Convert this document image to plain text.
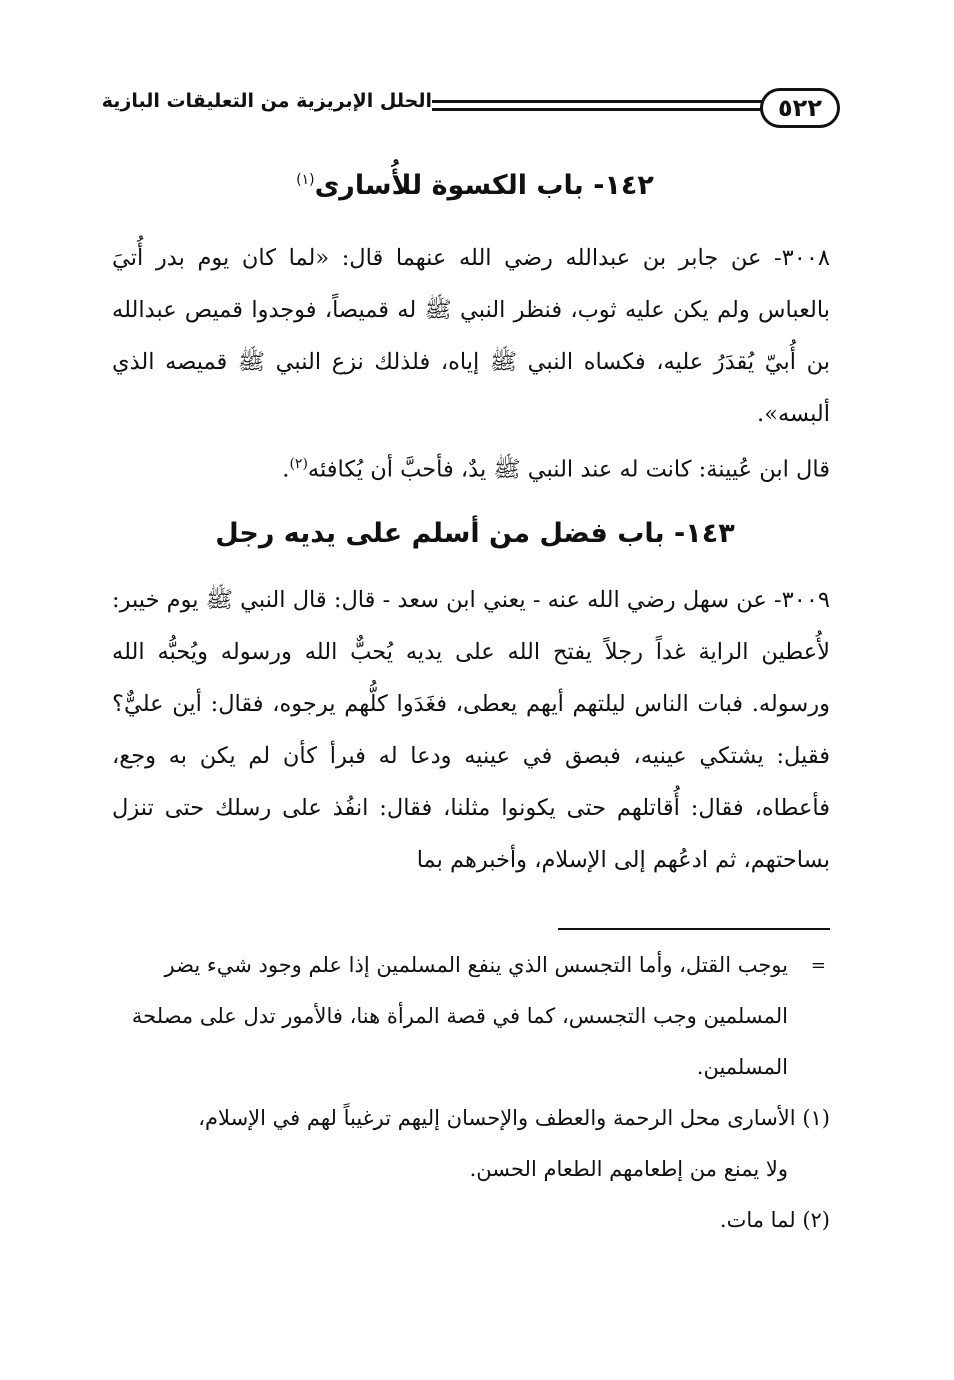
٥٢٢
الحلل الإبريزية من التعليقات البازية
١٤٢- باب الكسوة للأُسارى$^{(١)}$

٣٠٠٨- عن جابر بن عبدالله رضي الله عنهما قال: «لما كان يوم بدر أُتيَ بالعباس ولم يكن عليه ثوب، فنظر النبي ﷺ له قميصاً، فوجدوا قميص عبدالله بن أُبيّ يُقدَرُ عليه، فكساه النبي ﷺ إياه، فلذلك نزع النبي ﷺ قميصه الذي ألبسه».

قال ابن عُيينة: كانت له عند النبي ﷺ يدٌ، فأحبَّ أن يُكافئه$^{(٢)}$.

١٤٣- باب فضل من أسلم على يديه رجل

٣٠٠٩- عن سهل رضي الله عنه - يعني ابن سعد - قال: قال النبي ﷺ يوم خيبر: لأُعطين الراية غداً رجلاً يفتح الله على يديه يُحبٌّ الله ورسوله ويُحبُّه الله ورسوله. فبات الناس ليلتهم أيهم يعطى، فغَدَوا كلُّهم يرجوه، فقال: أين عليٌّ؟ فقيل: يشتكي عينيه، فبصق في عينيه ودعا له فبرأ كأن لم يكن به وجع، فأعطاه، فقال: أُقاتلهم حتى يكونوا مثلنا، فقال: انفُذ على رسلك حتى تنزل بساحتهم، ثم ادعُهم إلى الإسلام، وأخبرهم بما

=
يوجب القتل، وأما التجسس الذي ينفع المسلمين إذا علم وجود شيء يضر المسلمين وجب التجسس، كما في قصة المرأة هنا، فالأمور تدل على مصلحة المسلمين.
(١) الأسارى محل الرحمة والعطف والإحسان إليهم ترغيباً لهم في الإسلام،
ولا يمنع من إطعامهم الطعام الحسن.
(٢) لما مات.
